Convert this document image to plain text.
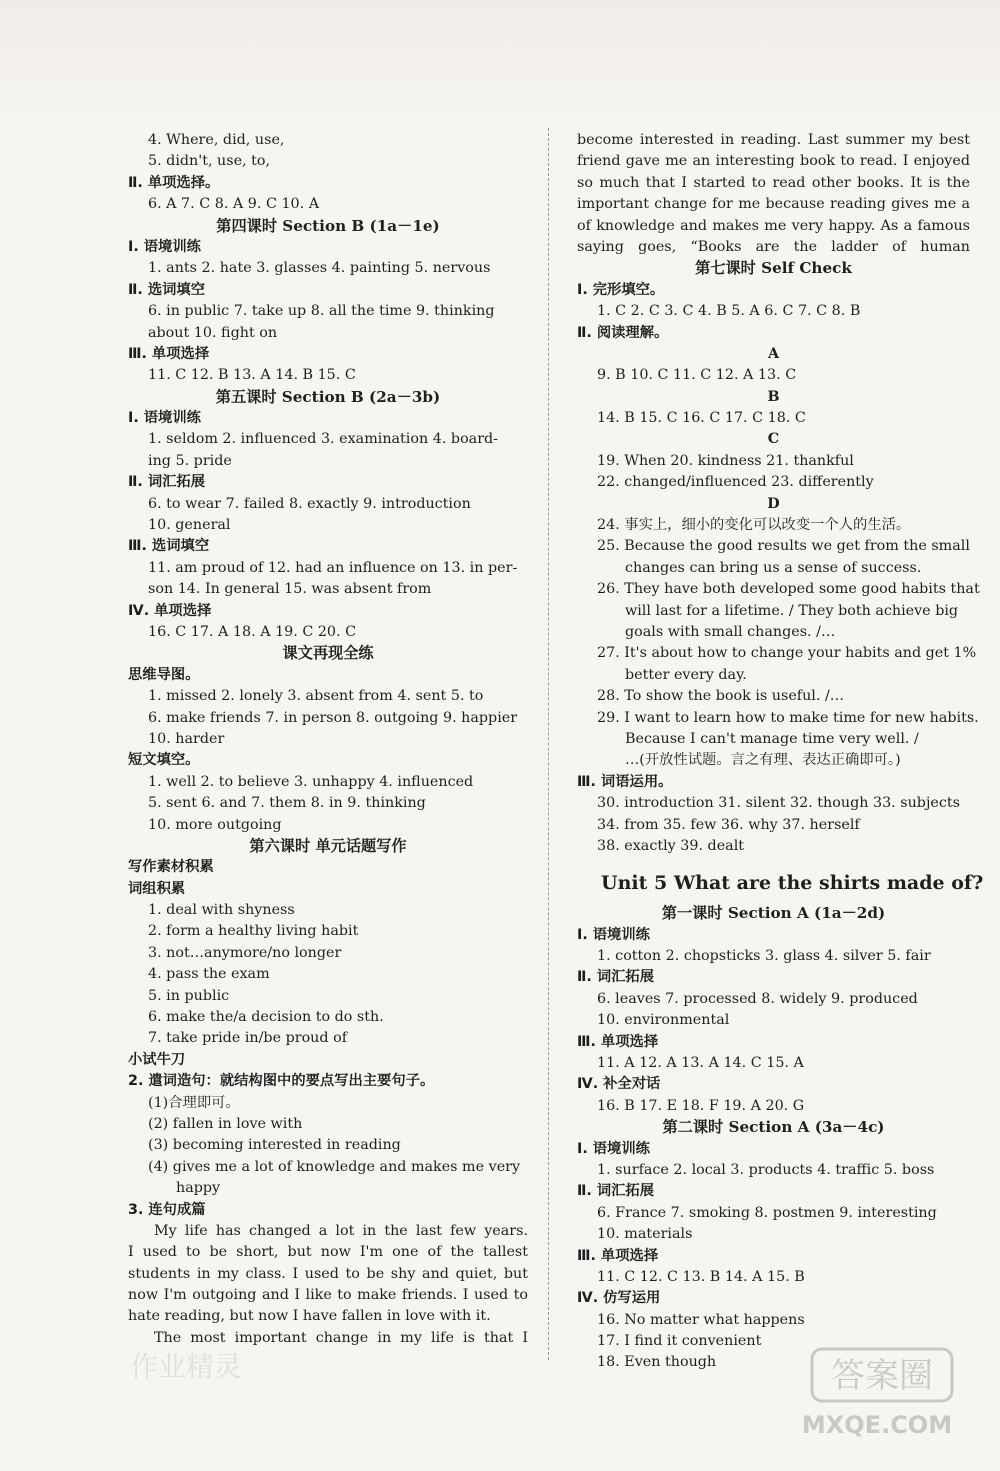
4. Where, did, use,
5. didn't, use, to,
Ⅱ. 单项选择。
6. A 7. C 8. A 9. C 10. A
第四课时 Section B (1a－1e)
Ⅰ. 语境训练
1. ants 2. hate 3. glasses 4. painting 5. nervous
Ⅱ. 选词填空
6. in public 7. take up 8. all the time 9. thinking
about 10. fight on
Ⅲ. 单项选择
11. C 12. B 13. A 14. B 15. C
第五课时 Section B (2a－3b)
Ⅰ. 语境训练
1. seldom 2. influenced 3. examination 4. board-
ing 5. pride
Ⅱ. 词汇拓展
6. to wear 7. failed 8. exactly 9. introduction
10. general
Ⅲ. 选词填空
11. am proud of 12. had an influence on 13. in per-
son 14. In general 15. was absent from
Ⅳ. 单项选择
16. C 17. A 18. A 19. C 20. C
课文再现全练
思维导图。
1. missed 2. lonely 3. absent from 4. sent 5. to
6. make friends 7. in person 8. outgoing 9. happier
10. harder
短文填空。
1. well 2. to believe 3. unhappy 4. influenced
5. sent 6. and 7. them 8. in 9. thinking
10. more outgoing
第六课时 单元话题写作
写作素材积累
词组积累
1. deal with shyness
2. form a healthy living habit
3. not…anymore/no longer
4. pass the exam
5. in public
6. make the/a decision to do sth.
7. take pride in/be proud of
小试牛刀
2. 遣词造句：就结构图中的要点写出主要句子。
(1)合理即可。
(2) fallen in love with
(3) becoming interested in reading
(4) gives me a lot of knowledge and makes me very
happy
3. 连句成篇
My life has changed a lot in the last few years.
I used to be short, but now I'm one of the tallest
students in my class. I used to be shy and quiet, but
now I'm outgoing and I like to make friends. I used to
hate reading, but now I have fallen in love with it.
The most important change in my life is that I
become interested in reading. Last summer my best
friend gave me an interesting book to read. I enjoyed
so much that I started to read other books. It is the
important change for me because reading gives me a
of knowledge and makes me very happy. As a famous
saying goes, “Books are the ladder of human
第七课时 Self Check
Ⅰ. 完形填空。
1. C 2. C 3. C 4. B 5. A 6. C 7. C 8. B
Ⅱ. 阅读理解。
A
9. B 10. C 11. C 12. A 13. C
B
14. B 15. C 16. C 17. C 18. C
C
19. When 20. kindness 21. thankful
22. changed/influenced 23. differently
D
24. 事实上，细小的变化可以改变一个人的生活。
25. Because the good results we get from the small
changes can bring us a sense of success.
26. They have both developed some good habits that
will last for a lifetime. / They both achieve big
goals with small changes. /…
27. It's about how to change your habits and get 1%
better every day.
28. To show the book is useful. /…
29. I want to learn how to make time for new habits.
Because I can't manage time very well. /
…(开放性试题。言之有理、表达正确即可。)
Ⅲ. 词语运用。
30. introduction 31. silent 32. though 33. subjects
34. from 35. few 36. why 37. herself
38. exactly 39. dealt
Unit 5 What are the shirts made of?
第一课时 Section A (1a－2d)
Ⅰ. 语境训练
1. cotton 2. chopsticks 3. glass 4. silver 5. fair
Ⅱ. 词汇拓展
6. leaves 7. processed 8. widely 9. produced
10. environmental
Ⅲ. 单项选择
11. A 12. A 13. A 14. C 15. A
Ⅳ. 补全对话
16. B 17. E 18. F 19. A 20. G
第二课时 Section A (3a－4c)
Ⅰ. 语境训练
1. surface 2. local 3. products 4. traffic 5. boss
Ⅱ. 词汇拓展
6. France 7. smoking 8. postmen 9. interesting
10. materials
Ⅲ. 单项选择
11. C 12. C 13. B 14. A 15. B
Ⅳ. 仿写运用
16. No matter what happens
17. I find it convenient
18. Even though
作业精灵	答案圈
MXQE.COM
